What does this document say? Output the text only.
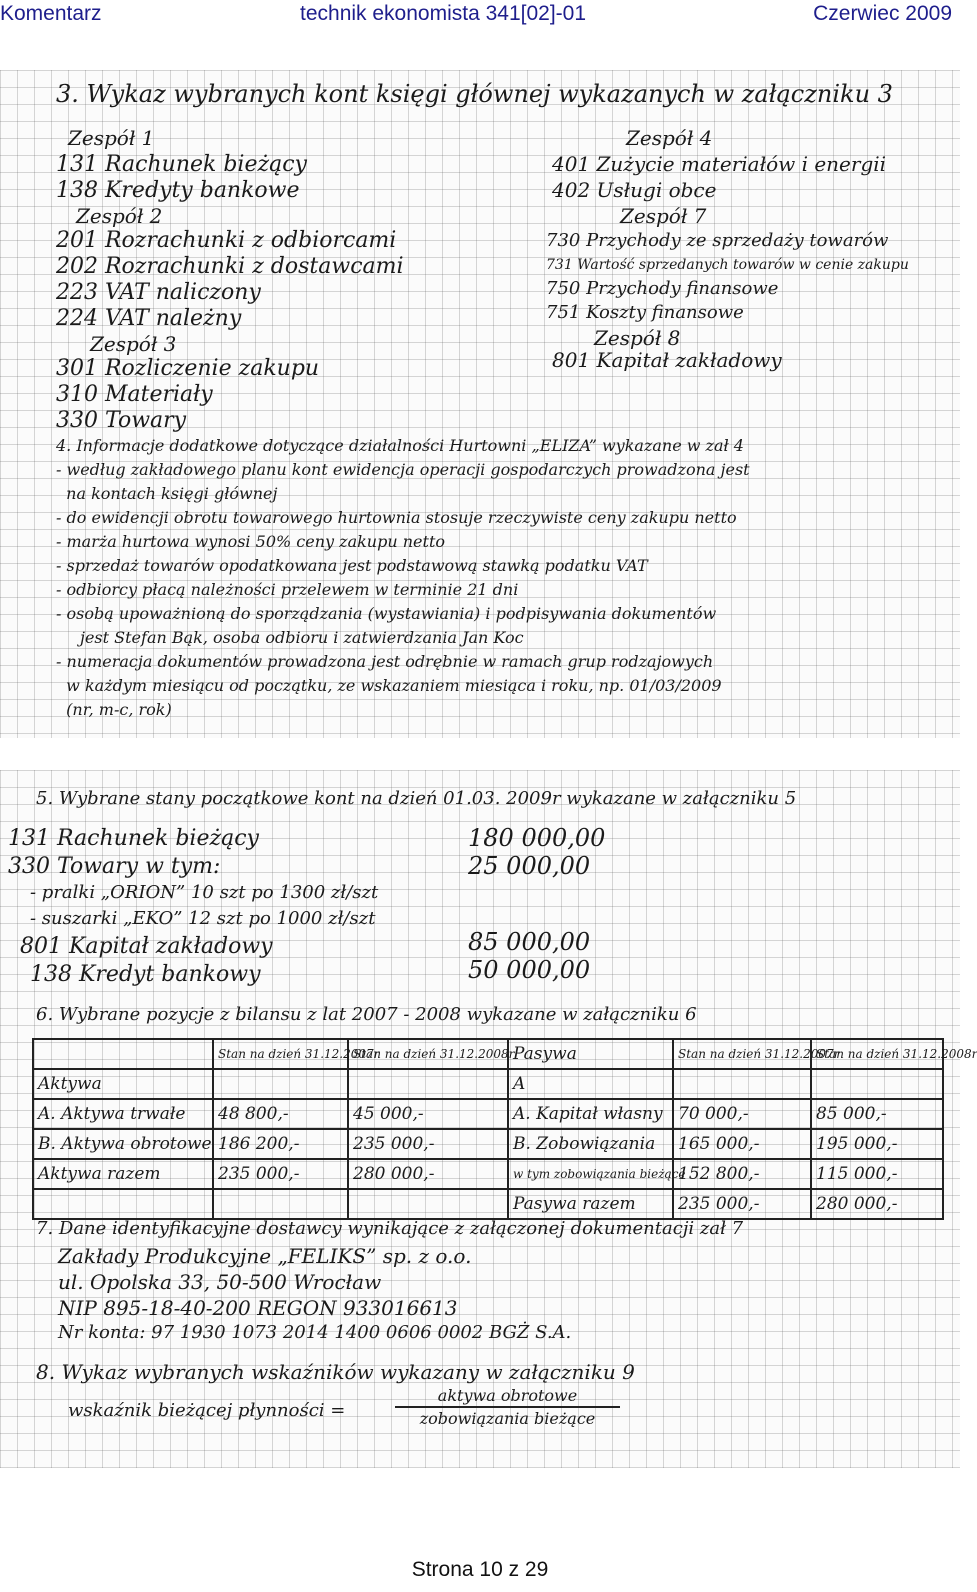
Komentarz	technik ekonomista 341[02]-01	Czerwiec 2009
3. Wykaz wybranych kont księgi głównej wykazanych w załączniku 3
Zespół 1
131 Rachunek bieżący
138 Kredyty bankowe
Zespół 2
201 Rozrachunki z odbiorcami
202 Rozrachunki z dostawcami
223 VAT naliczony
224 VAT należny
Zespół 3
301 Rozliczenie zakupu
310 Materiały
330 Towary
Zespół 4
401 Zużycie materiałów i energii
402 Usługi obce
Zespół 7
730 Przychody ze sprzedaży towarów
731 Wartość sprzedanych towarów w cenie zakupu
750 Przychody finansowe
751 Koszty finansowe
Zespół 8
801 Kapitał zakładowy
4. Informacje dodatkowe dotyczące działalności Hurtowni „ELIZA” wykazane w zał 4
- według zakładowego planu kont ewidencja operacji gospodarczych prowadzona jest
na kontach księgi głównej
- do ewidencji obrotu towarowego hurtownia stosuje rzeczywiste ceny zakupu netto
- marża hurtowa wynosi 50% ceny zakupu netto
- sprzedaż towarów opodatkowana jest podstawową stawką podatku VAT
- odbiorcy płacą należności przelewem w terminie 21 dni
- osobą upoważnioną do sporządzania (wystawiania) i podpisywania dokumentów
jest Stefan Bąk, osoba odbioru i zatwierdzania Jan Koc
- numeracja dokumentów prowadzona jest odrębnie w ramach grup rodzajowych
w każdym miesiącu od początku, ze wskazaniem miesiąca i roku, np. 01/03/2009
(nr, m-c, rok)
5. Wybrane stany początkowe kont na dzień 01.03. 2009r wykazane w załączniku 5
131 Rachunek bieżący	180 000,00
330 Towary w tym:	25 000,00
- pralki „ORION” 10 szt po 1300 zł/szt
- suszarki „EKO” 12 szt po 1000 zł/szt
801 Kapitał zakładowy	85 000,00
138 Kredyt bankowy	50 000,00
6. Wybrane pozycje z bilansu z lat 2007 - 2008 wykazane w załączniku 6
	Stan na dzień 31.12.2007r	Stan na dzień 31.12.2008r	Pasywa	Stan na dzień 31.12.2007r	Stan na dzień 31.12.2008r
Aktywa			A		
A. Aktywa trwałe	48 800,-	45 000,-	A. Kapitał własny	70 000,-	85 000,-
B. Aktywa obrotowe	186 200,-	235 000,-	B. Zobowiązania	165 000,-	195 000,-
Aktywa razem	235 000,-	280 000,-	w tym zobowiązania bieżące	152 800,-	115 000,-
			Pasywa razem	235 000,-	280 000,-
7. Dane identyfikacyjne dostawcy wynikające z załączonej dokumentacji zał 7
Zakłady Produkcyjne „FELIKS” sp. z o.o.
ul. Opolska 33, 50-500 Wrocław
NIP 895-18-40-200 REGON 933016613
Nr konta: 97 1930 1073 2014 1400 0606 0002 BGŻ S.A.
8. Wykaz wybranych wskaźników wykazany w załączniku 9
wskaźnik bieżącej płynności =
aktywa obrotowe
zobowiązania bieżące
Strona 10 z 29
